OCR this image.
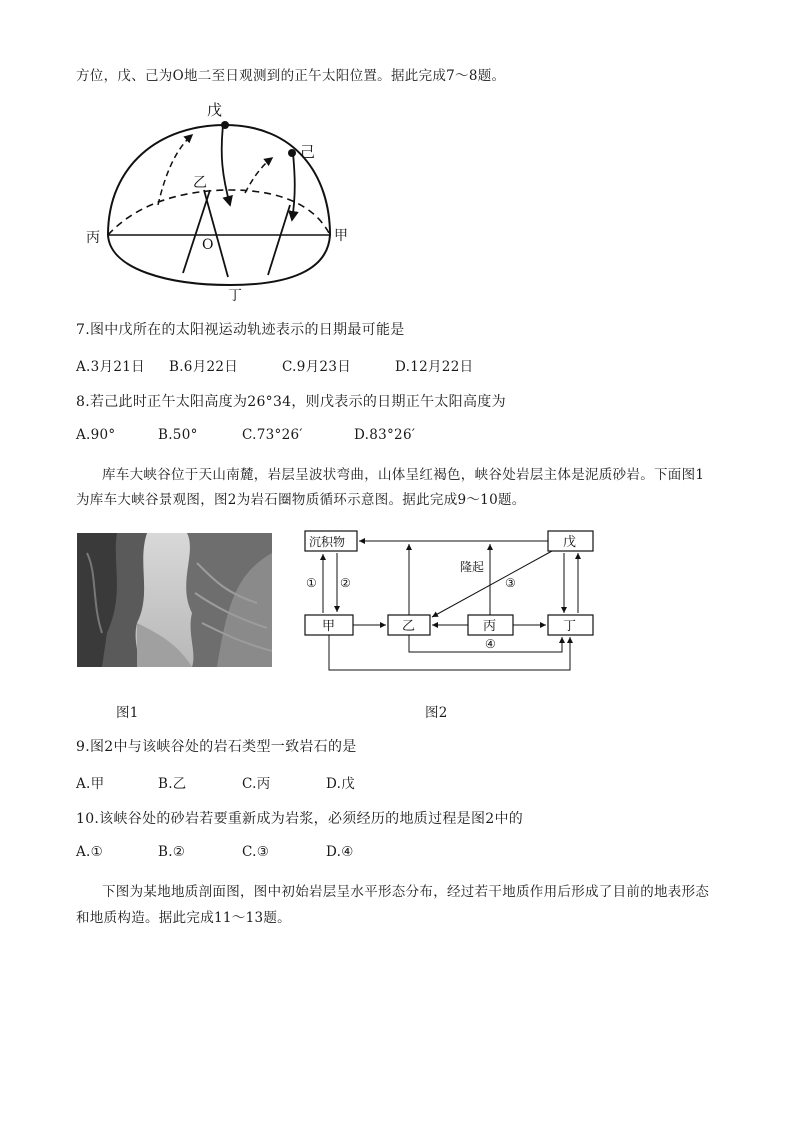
方位，戊、己为O地二至日观测到的正午太阳位置。据此完成7～8题。
戊
己
乙
丙	O
甲
丁
7.图中戊所在的太阳视运动轨迹表示的日期最可能是
A.3月21日 B.6月22日	C.9月23日	D.12月22日
8.若己此时正午太阳高度为26°34，则戊表示的日期正午太阳高度为
A.90°	B.50°	C.73°26′	D.83°26′
库车大峡谷位于天山南麓，岩层呈波状弯曲，山体呈红褐色，峡谷处岩层主体是泥质砂岩。下面图1
为库车大峡谷景观图，图2为岩石圈物质循环示意图。据此完成9～10题。
沉积物	戊
甲	乙	丙	丁
① ②
隆起
③
④
图1	图2
9.图2中与该峡谷处的岩石类型一致岩石的是
A.甲	B.乙	C.丙	D.戊
10.该峡谷处的砂岩若要重新成为岩浆，必须经历的地质过程是图2中的
A.①	B.②	C.③	D.④
下图为某地地质剖面图，图中初始岩层呈水平形态分布，经过若干地质作用后形成了目前的地表形态
和地质构造。据此完成11～13题。
